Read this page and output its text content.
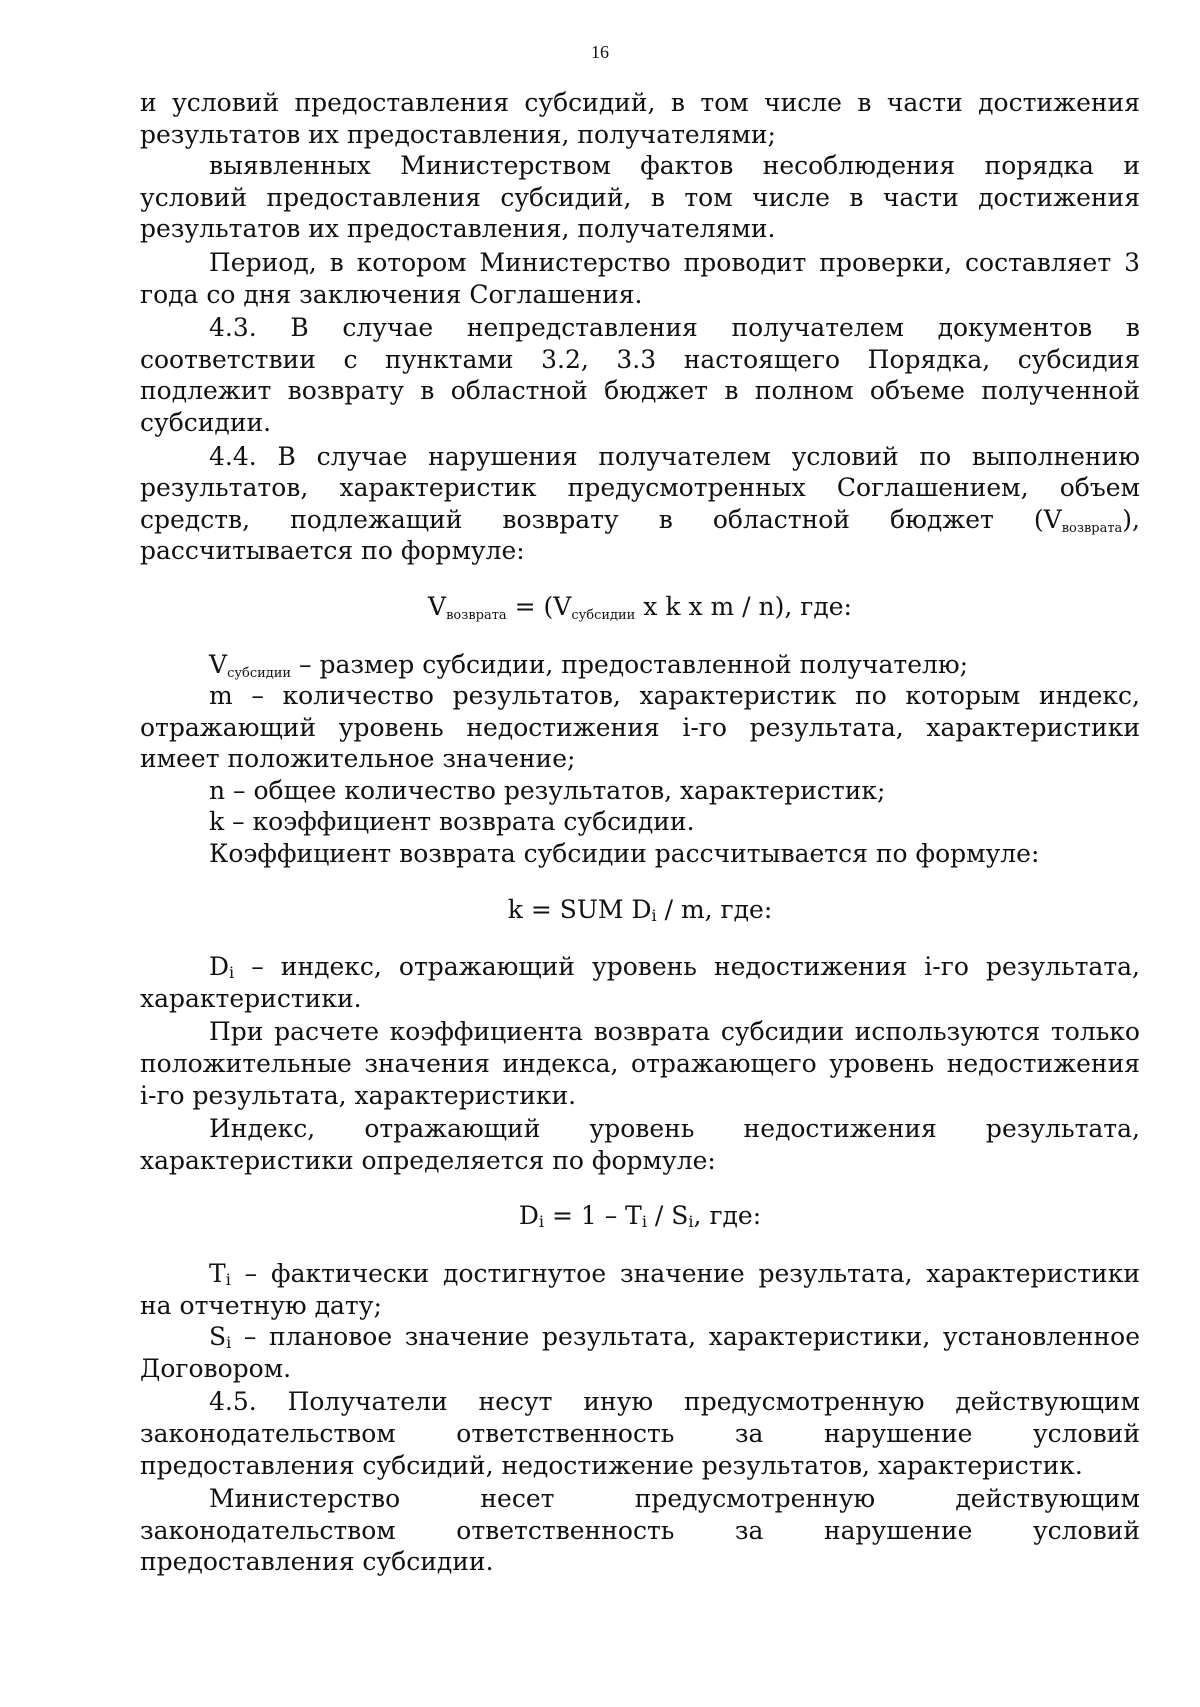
16

и условий предоставления субсидий, в том числе в части достижения результатов их предоставления, получателями;

выявленных Министерством фактов несоблюдения порядка и условий предоставления субсидий, в том числе в части достижения результатов их предоставления, получателями.

Период, в котором Министерство проводит проверки, составляет 3 года со дня заключения Соглашения.

4.3. В случае непредставления получателем документов в соответствии с пунктами 3.2, 3.3 настоящего Порядка, субсидия подлежит возврату в областной бюджет в полном объеме полученной субсидии.

4.4. В случае нарушения получателем условий по выполнению результатов, характеристик предусмотренных Соглашением, объем средств, подлежащий возврату в областной бюджет $(V_{возврата})$, рассчитывается по формуле:

$V_{возврата} = (V_{субсидии}$ x k x m / n), где:

$V_{субсидии}$ – размер субсидии, предоставленной получателю;

m – количество результатов, характеристик по которым индекс, отражающий уровень недостижения i-го результата, характеристики имеет положительное значение;

n – общее количество результатов, характеристик;

k – коэффициент возврата субсидии.

Коэффициент возврата субсидии рассчитывается по формуле:

k = SUM $D_i$ / m, где:

$D_i$ – индекс, отражающий уровень недостижения i-го результата, характеристики.

При расчете коэффициента возврата субсидии используются только положительные значения индекса, отражающего уровень недостижения i-го результата, характеристики.

Индекс, отражающий уровень недостижения результата, характеристики определяется по формуле:

$D_i = 1 - T_i / S_i$, где:

$T_i$ – фактически достигнутое значение результата, характеристики на отчетную дату;

$S_i$ – плановое значение результата, характеристики, установленное Договором.

4.5. Получатели несут иную предусмотренную действующим законодательством ответственность за нарушение условий предоставления субсидий, недостижение результатов, характеристик.

Министерство несет предусмотренную действующим законодательством ответственность за нарушение условий предоставления субсидии.
